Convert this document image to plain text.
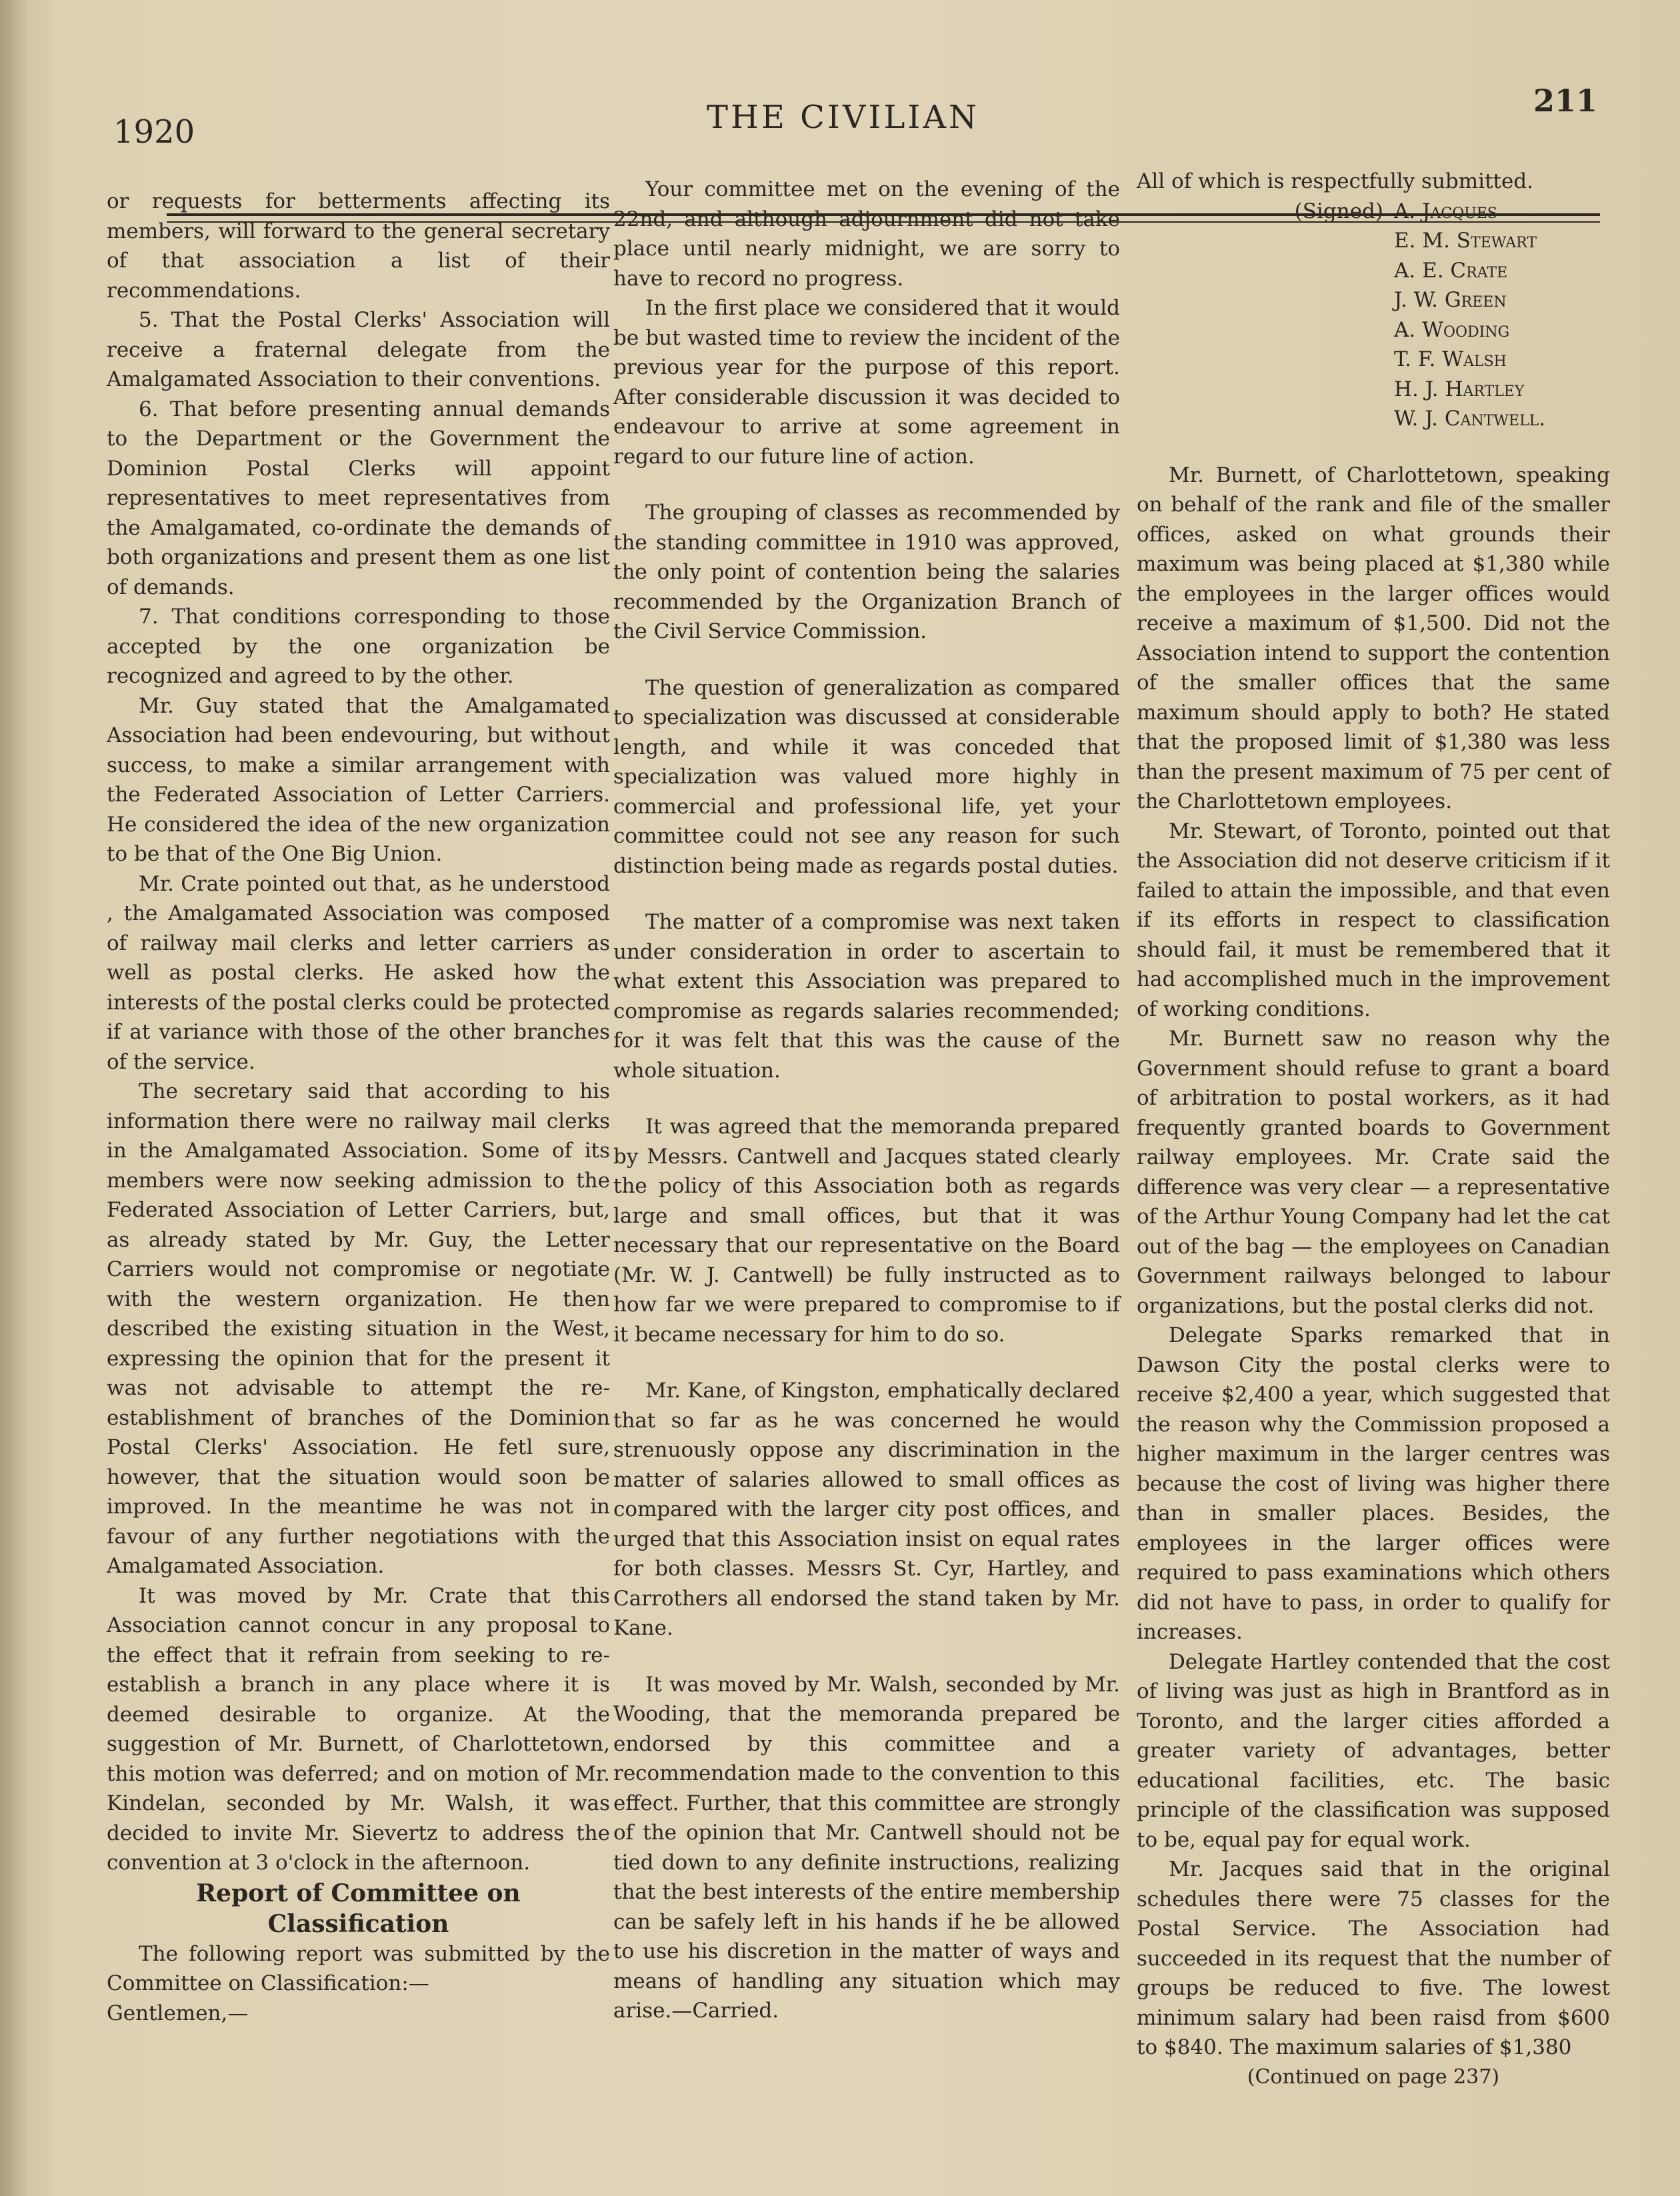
1920	THE CIVILIAN	211

or requests for betterments affecting its members, will forward to the general secretary of that association a list of their recommendations.

5. That the Postal Clerks' Association will receive a fraternal delegate from the Amalgamated Association to their conventions.

6. That before presenting annual demands to the Department or the Government the Dominion Postal Clerks will appoint representatives to meet representatives from the Amalgamated, co-ordinate the demands of both organizations and present them as one list of demands.

7. That conditions corresponding to those accepted by the one organization be recognized and agreed to by the other.

Mr. Guy stated that the Amalgamated Association had been endevouring, but without success, to make a similar arrangement with the Federated Association of Letter Carriers. He considered the idea of the new organization to be that of the One Big Union.

Mr. Crate pointed out that, as he understood , the Amalgamated Association was composed of railway mail clerks and letter carriers as well as postal clerks. He asked how the interests of the postal clerks could be protected if at variance with those of the other branches of the service.

The secretary said that according to his information there were no railway mail clerks in the Amalgamated Association. Some of its members were now seeking admission to the Federated Association of Letter Carriers, but, as already stated by Mr. Guy, the Letter Carriers would not compromise or negotiate with the western organization. He then described the existing situation in the West, expressing the opinion that for the present it was not advisable to attempt the re-establishment of branches of the Dominion Postal Clerks' Association. He fetl sure, however, that the situation would soon be improved. In the meantime he was not in favour of any further negotiations with the Amalgamated Association.

It was moved by Mr. Crate that this Association cannot concur in any proposal to the effect that it refrain from seeking to re-establish a branch in any place where it is deemed desirable to organize. At the suggestion of Mr. Burnett, of Charlottetown, this motion was deferred; and on motion of Mr. Kindelan, seconded by Mr. Walsh, it was decided to invite Mr. Sievertz to address the convention at 3 o'clock in the afternoon.

Report of Committee on Classification

The following report was submitted by the Committee on Classification:—

Gentlemen,—

Your committee met on the evening of the 22nd, and although adjournment did not take place until nearly midnight, we are sorry to have to record no progress.

In the first place we considered that it would be but wasted time to review the incident of the previous year for the purpose of this report. After considerable discussion it was decided to endeavour to arrive at some agreement in regard to our future line of action.

The grouping of classes as recommended by the standing committee in 1910 was approved, the only point of contention being the salaries recommended by the Organization Branch of the Civil Service Commission.

The question of generalization as compared to specialization was discussed at considerable length, and while it was conceded that specialization was valued more highly in commercial and professional life, yet your committee could not see any reason for such distinction being made as regards postal duties.

The matter of a compromise was next taken under consideration in order to ascertain to what extent this Association was prepared to compromise as regards salaries recommended; for it was felt that this was the cause of the whole situation.

It was agreed that the memoranda prepared by Messrs. Cantwell and Jacques stated clearly the policy of this Association both as regards large and small offices, but that it was necessary that our representative on the Board (Mr. W. J. Cantwell) be fully instructed as to how far we were prepared to compromise to if it became necessary for him to do so.

Mr. Kane, of Kingston, emphatically declared that so far as he was concerned he would strenuously oppose any discrimination in the matter of salaries allowed to small offices as compared with the larger city post offices, and urged that this Association insist on equal rates for both classes. Messrs St. Cyr, Hartley, and Carrothers all endorsed the stand taken by Mr. Kane.

It was moved by Mr. Walsh, seconded by Mr. Wooding, that the memoranda prepared be endorsed by this committee and a recommendation made to the convention to this effect. Further, that this committee are strongly of the opinion that Mr. Cantwell should not be tied down to any definite instructions, realizing that the best interests of the entire membership can be safely left in his hands if he be allowed to use his discretion in the matter of ways and means of handling any situation which may arise.—Carried.

All of which is respectfully submitted.

(Signed) A. Jacques
E. M. Stewart
A. E. Crate
J. W. Green
A. Wooding
T. F. Walsh
H. J. Hartley
W. J. Cantwell.

Mr. Burnett, of Charlottetown, speaking on behalf of the rank and file of the smaller offices, asked on what grounds their maximum was being placed at $1,380 while the employees in the larger offices would receive a maximum of $1,500. Did not the Association intend to support the contention of the smaller offices that the same maximum should apply to both? He stated that the proposed limit of $1,380 was less than the present maximum of 75 per cent of the Charlottetown employees.

Mr. Stewart, of Toronto, pointed out that the Association did not deserve criticism if it failed to attain the impossible, and that even if its efforts in respect to classification should fail, it must be remembered that it had accomplished much in the improvement of working conditions.

Mr. Burnett saw no reason why the Government should refuse to grant a board of arbitration to postal workers, as it had frequently granted boards to Government railway employees. Mr. Crate said the difference was very clear — a representative of the Arthur Young Company had let the cat out of the bag — the employees on Canadian Government railways belonged to labour organizations, but the postal clerks did not.

Delegate Sparks remarked that in Dawson City the postal clerks were to receive $2,400 a year, which suggested that the reason why the Commission proposed a higher maximum in the larger centres was because the cost of living was higher there than in smaller places. Besides, the employees in the larger offices were required to pass examinations which others did not have to pass, in order to qualify for increases.

Delegate Hartley contended that the cost of living was just as high in Brantford as in Toronto, and the larger cities afforded a greater variety of advantages, better educational facilities, etc. The basic principle of the classification was supposed to be, equal pay for equal work.

Mr. Jacques said that in the original schedules there were 75 classes for the Postal Service. The Association had succeeded in its request that the number of groups be reduced to five. The lowest minimum salary had been raisd from $600 to $840. The maximum salaries of $1,380

(Continued on page 237)
